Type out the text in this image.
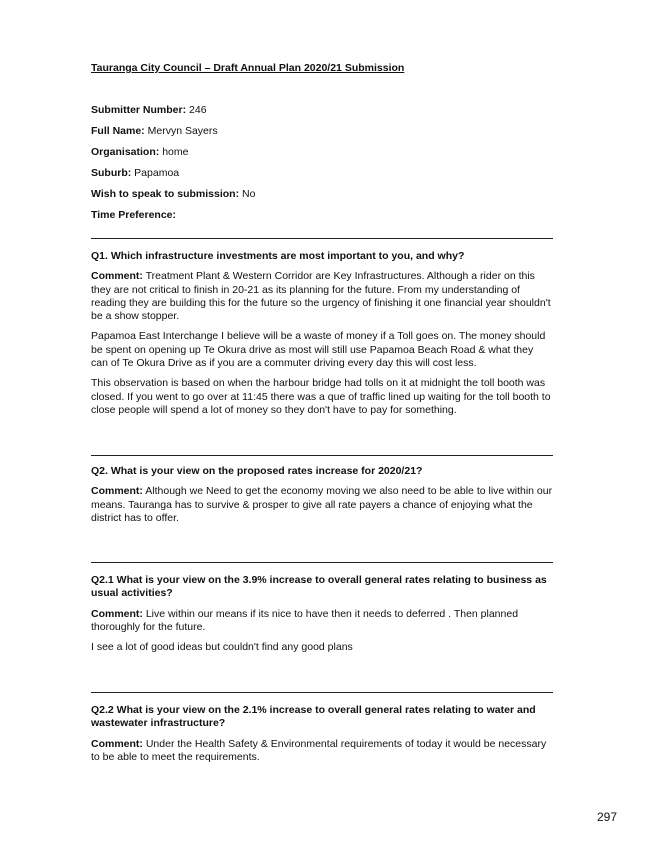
Tauranga City Council – Draft Annual Plan 2020/21 Submission
Submitter Number: 246
Full Name: Mervyn Sayers
Organisation: home
Suburb: Papamoa
Wish to speak to submission: No
Time Preference:

Q1. Which infrastructure investments are most important to you, and why?

Comment: Treatment Plant & Western Corridor are Key Infrastructures. Although a rider on this they are not critical to finish in 20-21 as its planning for the future. From my understanding of reading they are building this for the future so the urgency of finishing it one financial year shouldn't be a show stopper.

Papamoa East Interchange I believe will be a waste of money if a Toll goes on. The money should be spent on opening up Te Okura drive as most will still use Papamoa Beach Road & what they can of Te Okura Drive as if you are a commuter driving every day this will cost less.

This observation is based on when the harbour bridge had tolls on it at midnight the toll booth was closed. If you went to go over at 11:45 there was a que of traffic lined up waiting for the toll booth to close people will spend a lot of money so they don't have to pay for something.

Q2. What is your view on the proposed rates increase for 2020/21?

Comment: Although we Need to get the economy moving we also need to be able to live within our means. Tauranga has to survive & prosper to give all rate payers a chance of enjoying what the district has to offer.

Q2.1 What is your view on the 3.9% increase to overall general rates relating to business as usual activities?

Comment: Live within our means if its nice to have then it needs to deferred . Then planned thoroughly for the future.

I see a lot of good ideas but couldn't find any good plans

Q2.2 What is your view on the 2.1% increase to overall general rates relating to water and wastewater infrastructure?

Comment: Under the Health Safety & Environmental requirements of today it would be necessary to be able to meet the requirements.

297
